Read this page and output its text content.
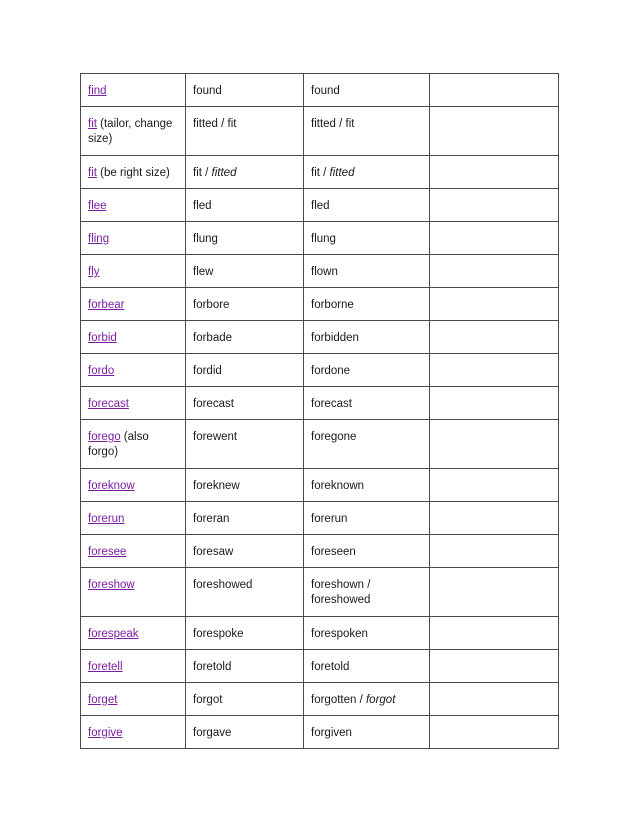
find	found	found	
fit (tailor, change size)	fitted / fit	fitted / fit	
fit (be right size)	fit / fitted	fit / fitted	
flee	fled	fled	
fling	flung	flung	
fly	flew	flown	
forbear	forbore	forborne	
forbid	forbade	forbidden	
fordo	fordid	fordone	
forecast	forecast	forecast	
forego (also forgo)	forewent	foregone	
foreknow	foreknew	foreknown	
forerun	foreran	forerun	
foresee	foresaw	foreseen	
foreshow	foreshowed	foreshown / foreshowed	
forespeak	forespoke	forespoken	
foretell	foretold	foretold	
forget	forgot	forgotten / forgot	
forgive	forgave	forgiven	
